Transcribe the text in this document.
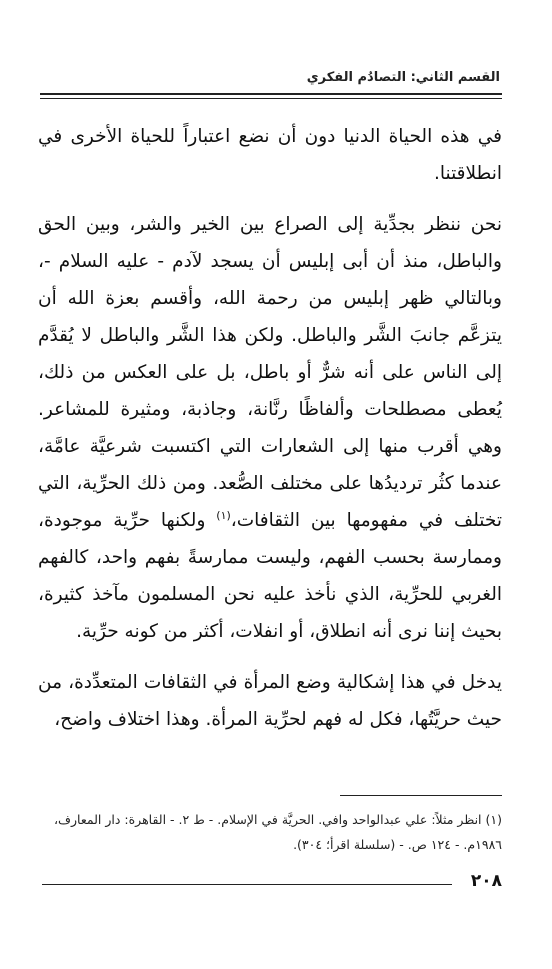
القسم الثاني: التصادُم الفكري

في هذه الحياة الدنيا دون أن نضع اعتباراً للحياة الأخرى في انطلاقتنا.

نحن ننظر بجدِّية إلى الصراع بين الخير والشر، وبين الحق والباطل، منذ أن أبى إبليس أن يسجد لآدم - عليه السلام -، وبالتالي ظهر إبليس من رحمة الله، وأقسم بعزة الله أن يتزعَّم جانبَ الشَّر والباطل. ولكن هذا الشَّر والباطل لا يُقدَّم إلى الناس على أنه شرٌّ أو باطل، بل على العكس من ذلك، يُعطى مصطلحات وألفاظًا رنَّانة، وجاذبة، ومثيرة للمشاعر. وهي أقرب منها إلى الشعارات التي اكتسبت شرعيَّة عامَّة، عندما كثُر ترديدُها على مختلف الصُّعد. ومن ذلك الحرِّية، التي تختلف في مفهومها بين الثقافات،$^{(١)}$ ولكنها حرِّية موجودة، وممارسة بحسب الفهم، وليست ممارسةً بفهم واحد، كالفهم الغربي للحرِّية، الذي نأخذ عليه نحن المسلمون مآخذ كثيرة، بحيث إننا نرى أنه انطلاق، أو انفلات، أكثر من كونه حرِّية.

يدخل في هذا إشكالية وضع المرأة في الثقافات المتعدِّدة، من حيث حريَّتُها، فكل له فهم لحرِّية المرأة. وهذا اختلاف واضح،

(١) انظر مثلاً: علي عبدالواحد وافي. الحريَّة في الإسلام. - ط ٢. - القاهرة: دار المعارف، ١٩٨٦م. - ١٢٤ ص. - (سلسلة اقرأ؛ ٣٠٤).

٢٠٨
